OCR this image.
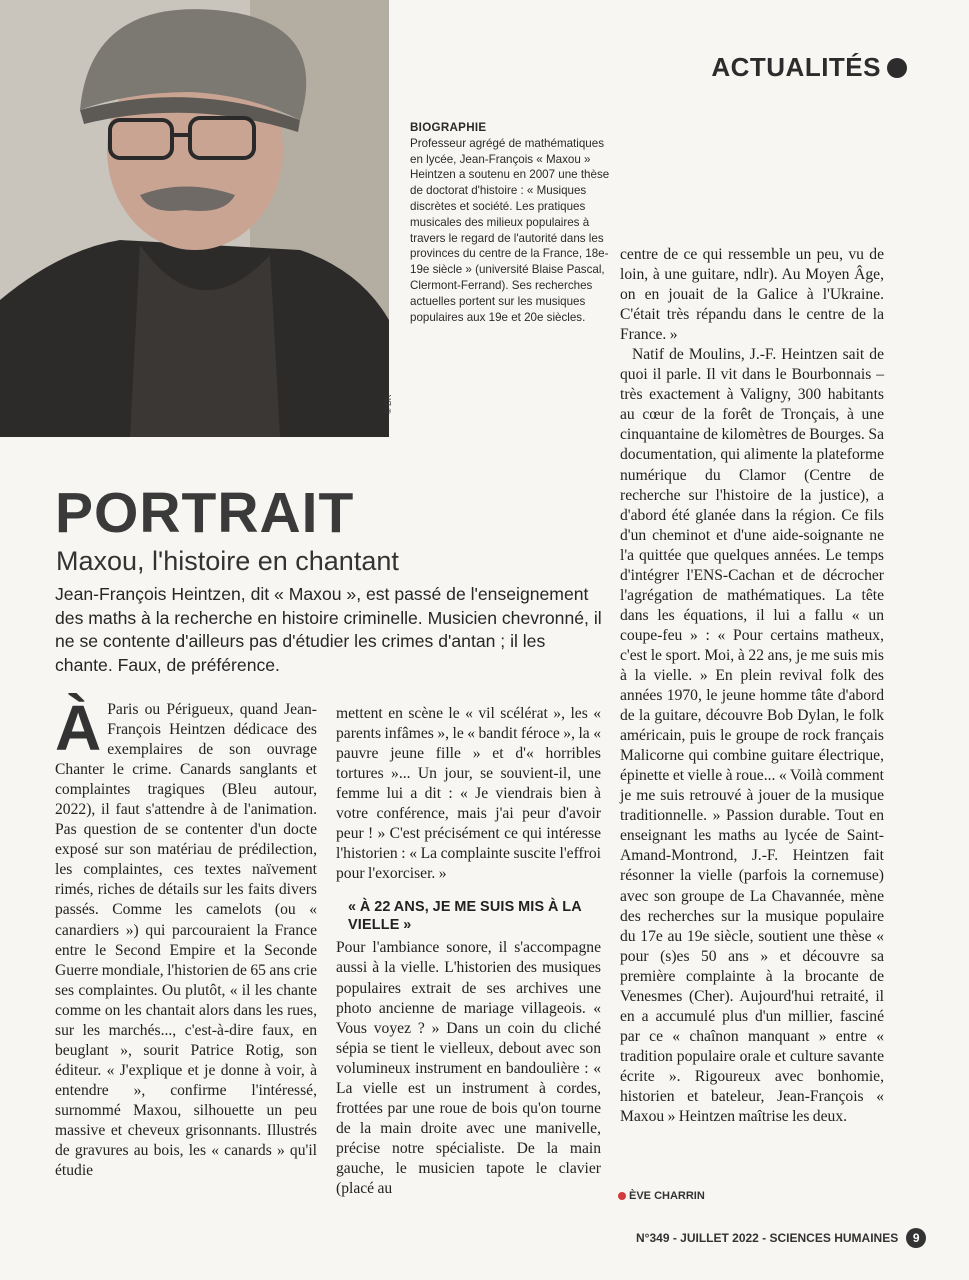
ACTUALITÉS
© DR
BIOGRAPHIE
Professeur agrégé de mathématiques en lycée, Jean-François « Maxou » Heintzen a soutenu en 2007 une thèse de doctorat d'histoire : « Musiques discrètes et société. Les pratiques musicales des milieux populaires à travers le regard de l'autorité dans les provinces du centre de la France, 18e-19e siècle » (université Blaise Pascal, Clermont-Ferrand). Ses recherches actuelles portent sur les musiques populaires aux 19e et 20e siècles.
PORTRAIT
Maxou, l'histoire en chantant
Jean-François Heintzen, dit « Maxou », est passé de l'enseignement des maths à la recherche en histoire criminelle. Musicien chevronné, il ne se contente d'ailleurs pas d'étudier les crimes d'antan ; il les chante. Faux, de préférence.
À Paris ou Périgueux, quand Jean-François Heintzen dédicace des exemplaires de son ouvrage Chanter le crime. Canards sanglants et complaintes tragiques (Bleu autour, 2022), il faut s'attendre à de l'animation. Pas question de se contenter d'un docte exposé sur son matériau de prédilection, les complaintes, ces textes naïvement rimés, riches de détails sur les faits divers passés. Comme les camelots (ou « canardiers ») qui parcouraient la France entre le Second Empire et la Seconde Guerre mondiale, l'historien de 65 ans crie ses complaintes. Ou plutôt, « il les chante comme on les chantait alors dans les rues, sur les marchés..., c'est-à-dire faux, en beuglant », sourit Patrice Rotig, son éditeur. « J'explique et je donne à voir, à entendre », confirme l'intéressé, surnommé Maxou, silhouette un peu massive et cheveux grisonnants. Illustrés de gravures au bois, les « canards » qu'il étudie

mettent en scène le « vil scélérat », les « parents infâmes », le « bandit féroce », la « pauvre jeune fille » et d'« horribles tortures »... Un jour, se souvient-il, une femme lui a dit : « Je viendrais bien à votre conférence, mais j'ai peur d'avoir peur ! » C'est précisément ce qui intéresse l'historien : « La complainte suscite l'effroi pour l'exorciser. »

« À 22 ANS, JE ME SUIS MIS À LA VIELLE »

Pour l'ambiance sonore, il s'accompagne aussi à la vielle. L'historien des musiques populaires extrait de ses archives une photo ancienne de mariage villageois. « Vous voyez ? » Dans un coin du cliché sépia se tient le vielleux, debout avec son volumineux instrument en bandoulière : « La vielle est un instrument à cordes, frottées par une roue de bois qu'on tourne de la main droite avec une manivelle, précise notre spécialiste. De la main gauche, le musicien tapote le clavier (placé au

centre de ce qui ressemble un peu, vu de loin, à une guitare, ndlr). Au Moyen Âge, on en jouait de la Galice à l'Ukraine. C'était très répandu dans le centre de la France. »

Natif de Moulins, J.-F. Heintzen sait de quoi il parle. Il vit dans le Bourbonnais – très exactement à Valigny, 300 habitants au cœur de la forêt de Tronçais, à une cinquantaine de kilomètres de Bourges. Sa documentation, qui alimente la plateforme numérique du Clamor (Centre de recherche sur l'histoire de la justice), a d'abord été glanée dans la région. Ce fils d'un cheminot et d'une aide-soignante ne l'a quittée que quelques années. Le temps d'intégrer l'ENS-Cachan et de décrocher l'agrégation de mathématiques. La tête dans les équations, il lui a fallu « un coupe-feu » : « Pour certains matheux, c'est le sport. Moi, à 22 ans, je me suis mis à la vielle. » En plein revival folk des années 1970, le jeune homme tâte d'abord de la guitare, découvre Bob Dylan, le folk américain, puis le groupe de rock français Malicorne qui combine guitare électrique, épinette et vielle à roue... « Voilà comment je me suis retrouvé à jouer de la musique traditionnelle. » Passion durable. Tout en enseignant les maths au lycée de Saint-Amand-Montrond, J.-F. Heintzen fait résonner la vielle (parfois la cornemuse) avec son groupe de La Chavannée, mène des recherches sur la musique populaire du 17e au 19e siècle, soutient une thèse « pour (s)es 50 ans » et découvre sa première complainte à la brocante de Venesmes (Cher). Aujourd'hui retraité, il en a accumulé plus d'un millier, fasciné par ce « chaînon manquant » entre « tradition populaire orale et culture savante écrite ». Rigoureux avec bonhomie, historien et bateleur, Jean-François « Maxou » Heintzen maîtrise les deux.

ÈVE CHARRIN
N°349 - JUILLET 2022 - SCIENCES HUMAINES	9
